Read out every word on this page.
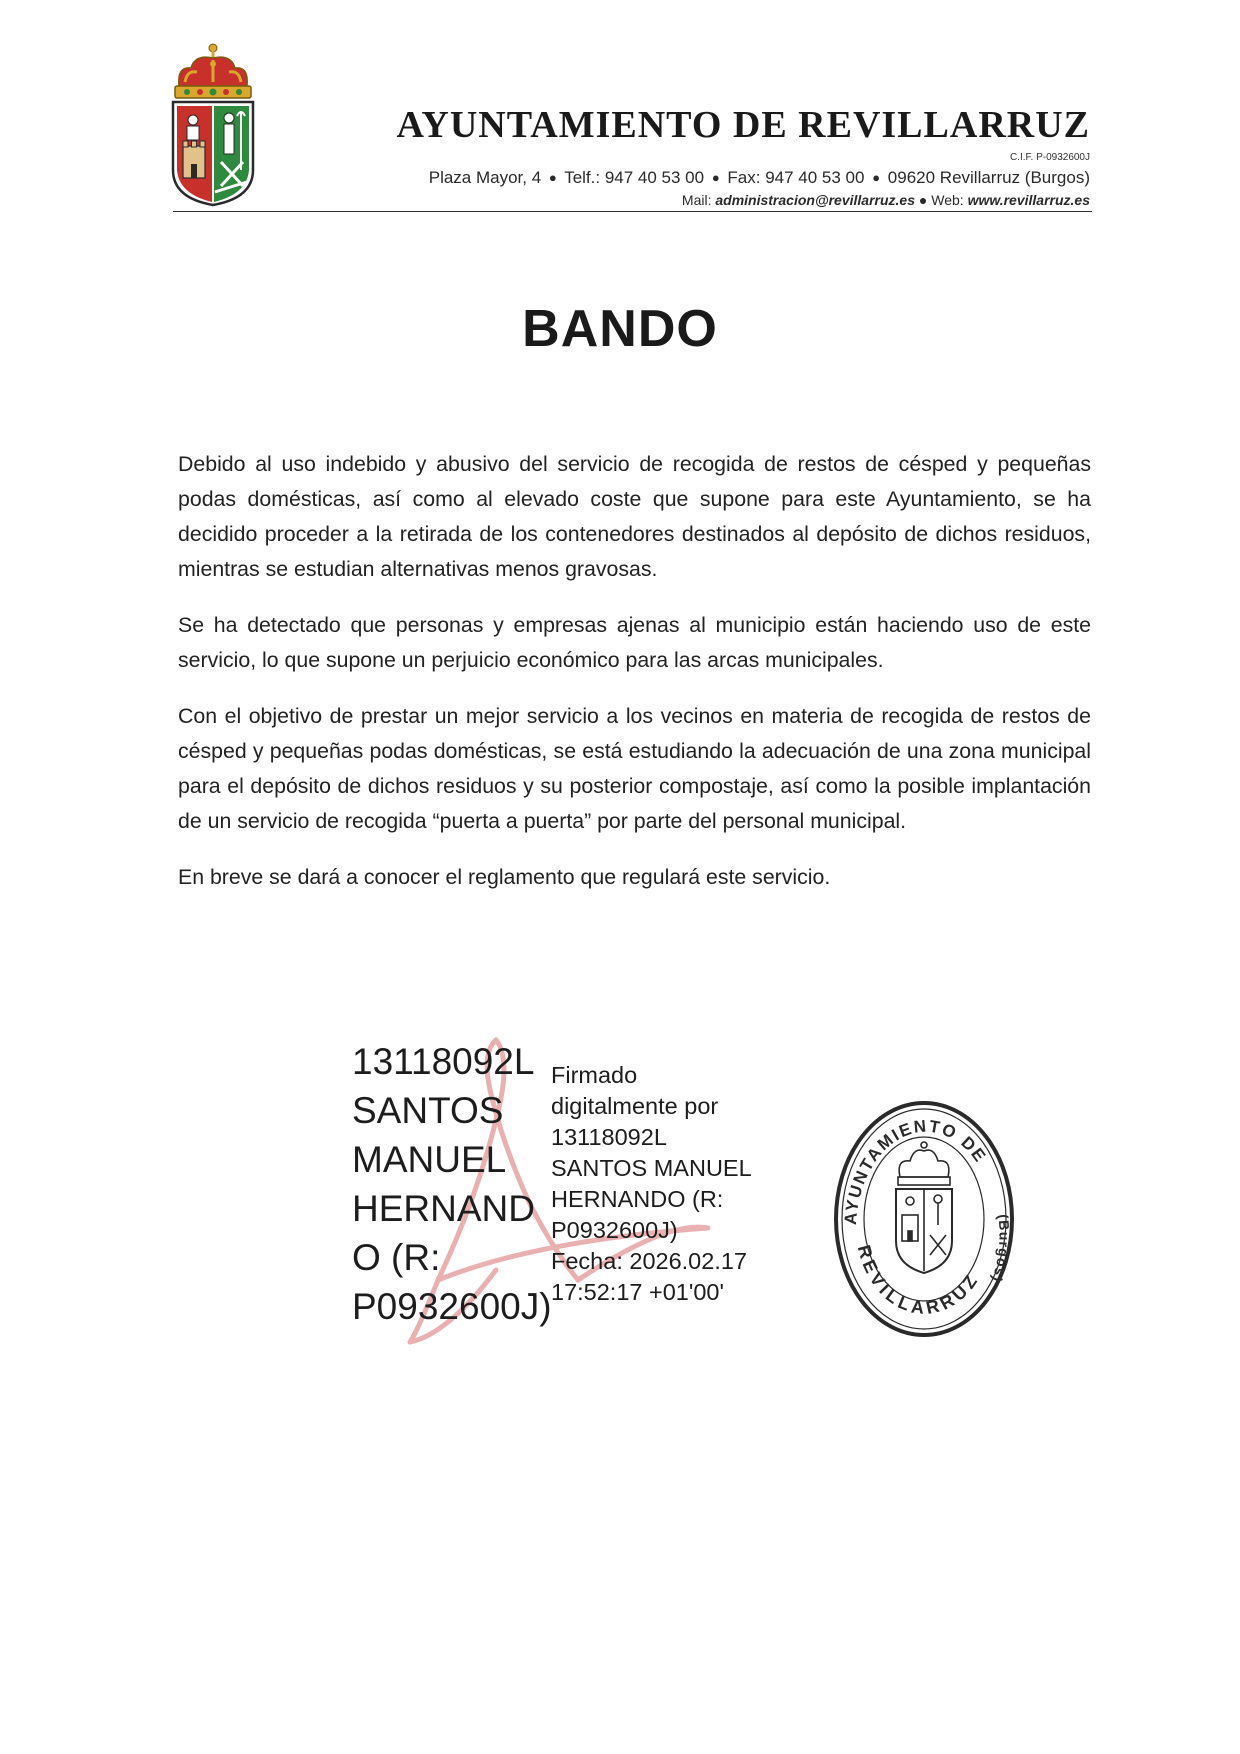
AYUNTAMIENTO DE REVILLARRUZ
C.I.F. P-0932600J
Plaza Mayor, 4 ● Telf.: 947 40 53 00 ● Fax: 947 40 53 00 ● 09620 Revillarruz (Burgos)
Mail: administracion@revillarruz.es ● Web: www.revillarruz.es
BANDO

Debido al uso indebido y abusivo del servicio de recogida de restos de césped y pequeñas podas domésticas, así como al elevado coste que supone para este Ayuntamiento, se ha decidido proceder a la retirada de los contenedores destinados al depósito de dichos residuos, mientras se estudian alternativas menos gravosas.

Se ha detectado que personas y empresas ajenas al municipio están haciendo uso de este servicio, lo que supone un perjuicio económico para las arcas municipales.

Con el objetivo de prestar un mejor servicio a los vecinos en materia de recogida de restos de césped y pequeñas podas domésticas, se está estudiando la adecuación de una zona municipal para el depósito de dichos residuos y su posterior compostaje, así como la posible implantación de un servicio de recogida “puerta a puerta” por parte del personal municipal.

En breve se dará a conocer el reglamento que regulará este servicio.

13118092L
SANTOS
MANUEL
HERNAND
O (R:
P0932600J)
Firmado
digitalmente por
13118092L
SANTOS MANUEL
HERNANDO (R:
P0932600J)
Fecha: 2026.02.17
17:52:17 +01'00'
AYUNTAMIENTO DE
REVILLARRUZ
(Burgos)
